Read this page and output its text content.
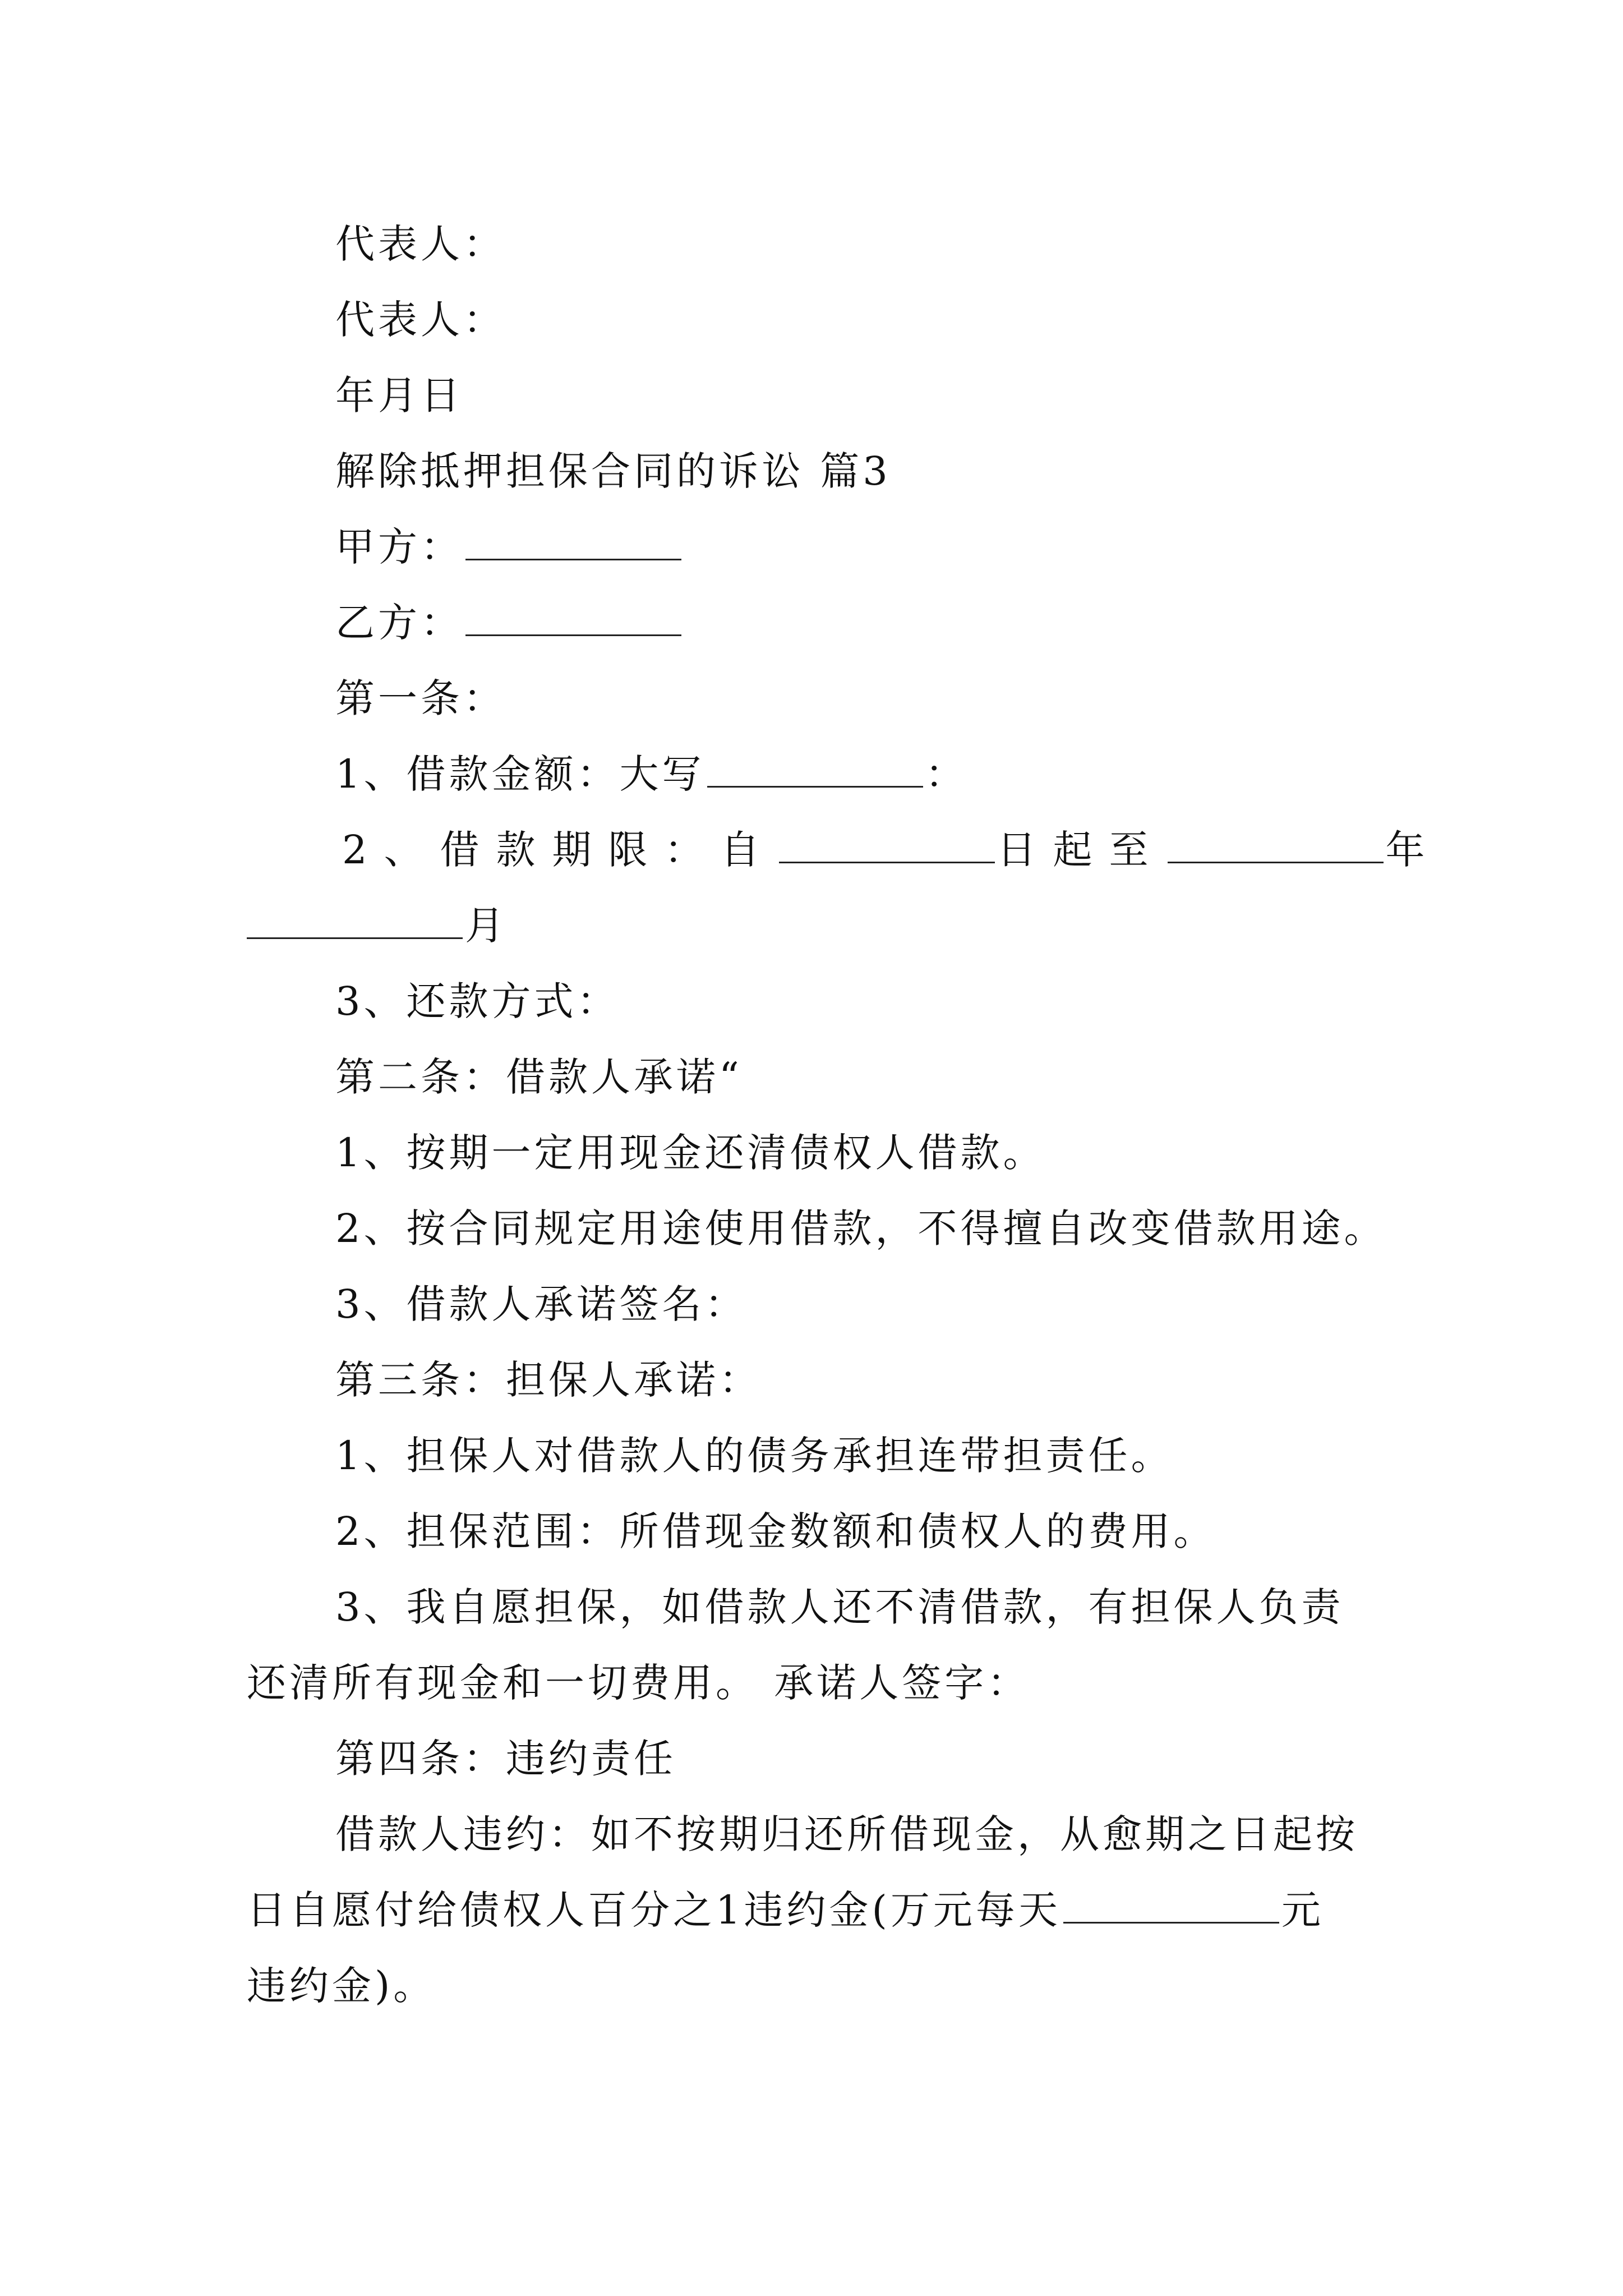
代表人：
代表人：
年月日
解除抵押担保合同的诉讼 篇3
甲方：
乙方：
第一条：
1、借款金额：大写	：
2、借款期限：自	日起至	年
月
3、还款方式：
第二条：借款人承诺“
1、按期一定用现金还清债权人借款。
2、按合同规定用途使用借款，不得擅自改变借款用途。
3、借款人承诺签名：
第三条：担保人承诺：
1、担保人对借款人的债务承担连带担责任。
2、担保范围：所借现金数额和债权人的费用。
3、我自愿担保，如借款人还不清借款，有担保人负责
还清所有现金和一切费用。 承诺人签字：
第四条：违约责任
借款人违约：如不按期归还所借现金，从愈期之日起按
日自愿付给债权人百分之1违约金(万元每天	元
违约金)。
